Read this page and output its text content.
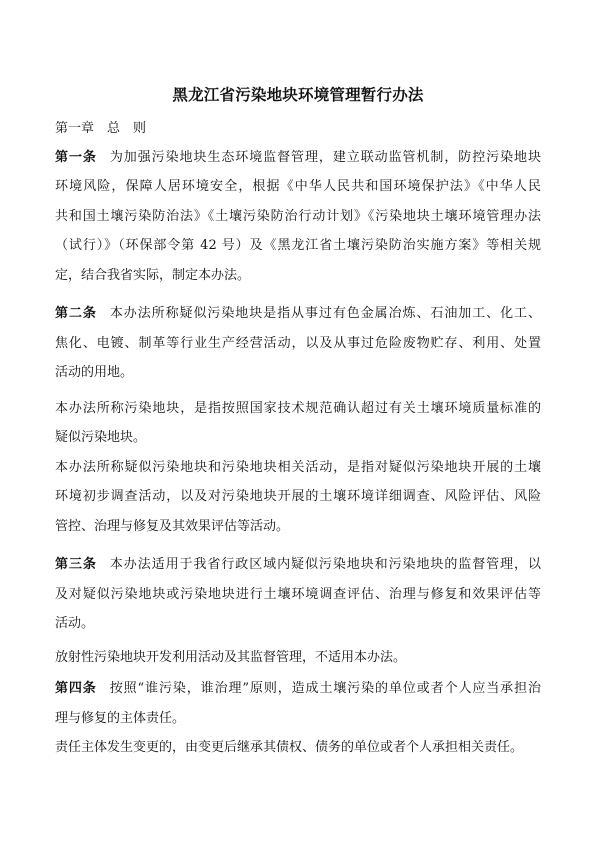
黑龙江省污染地块环境管理暂行办法
第一章　总　则
第一条 为加强污染地块生态环境监督管理，建立联动监管机制，防控污染地块
环境风险，保障人居环境安全，根据《中华人民共和国环境保护法》《中华人民
共和国土壤污染防治法》《土壤污染防治行动计划》《污染地块土壤环境管理办法
（试行）》（环保部令第 42 号）及《黑龙江省土壤污染防治实施方案》等相关规
定，结合我省实际，制定本办法。
第二条 本办法所称疑似污染地块是指从事过有色金属冶炼、石油加工、化工、
焦化、电镀、制革等行业生产经营活动，以及从事过危险废物贮存、利用、处置
活动的用地。
本办法所称污染地块，是指按照国家技术规范确认超过有关土壤环境质量标准的
疑似污染地块。
本办法所称疑似污染地块和污染地块相关活动，是指对疑似污染地块开展的土壤
环境初步调查活动，以及对污染地块开展的土壤环境详细调查、风险评估、风险
管控、治理与修复及其效果评估等活动。
第三条 本办法适用于我省行政区域内疑似污染地块和污染地块的监督管理，以
及对疑似污染地块或污染地块进行土壤环境调查评估、治理与修复和效果评估等
活动。
放射性污染地块开发利用活动及其监督管理，不适用本办法。
第四条 按照“谁污染，谁治理”原则，造成土壤污染的单位或者个人应当承担治
理与修复的主体责任。
责任主体发生变更的，由变更后继承其债权、债务的单位或者个人承担相关责任。
